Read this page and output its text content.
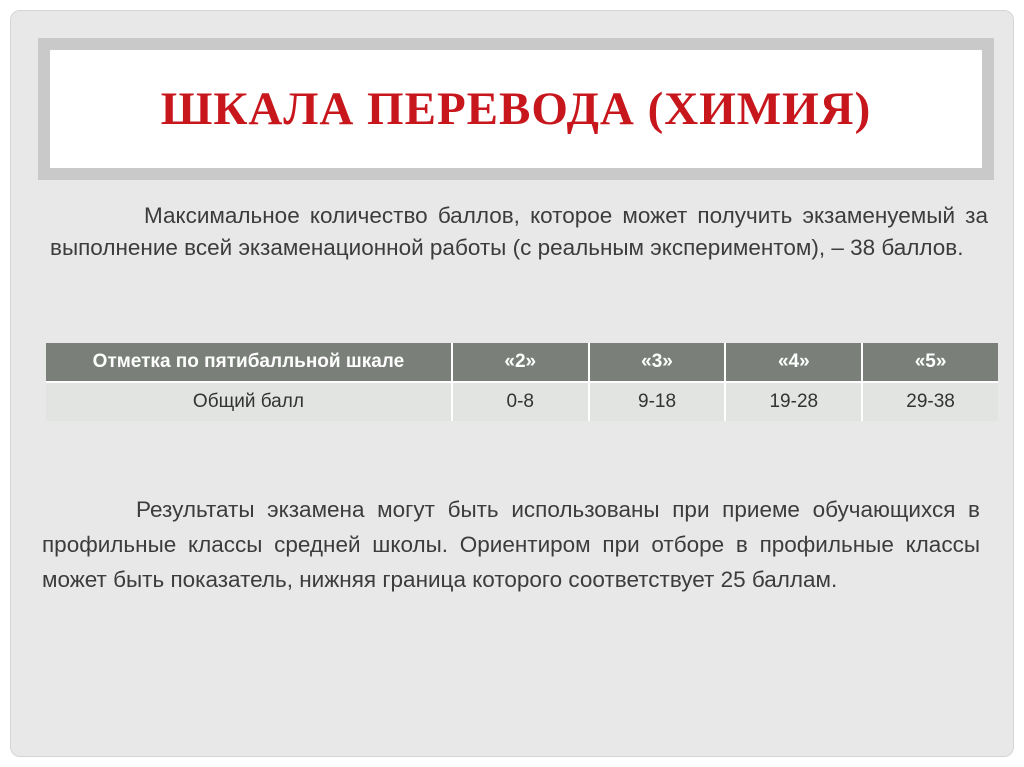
ШКАЛА ПЕРЕВОДА (ХИМИЯ)

Максимальное количество баллов, которое может получить экзаменуемый за выполнение всей экзаменационной работы (с реальным экспериментом), – 38 баллов.

Отметка по пятибалльной шкале	«2»	«3»	«4»	«5»
Общий балл	0-8	9-18	19-28	29-38

Результаты экзамена могут быть использованы при приеме обучающихся в профильные классы средней школы. Ориентиром при отборе в профильные классы может быть показатель, нижняя граница которого соответствует 25 баллам.
